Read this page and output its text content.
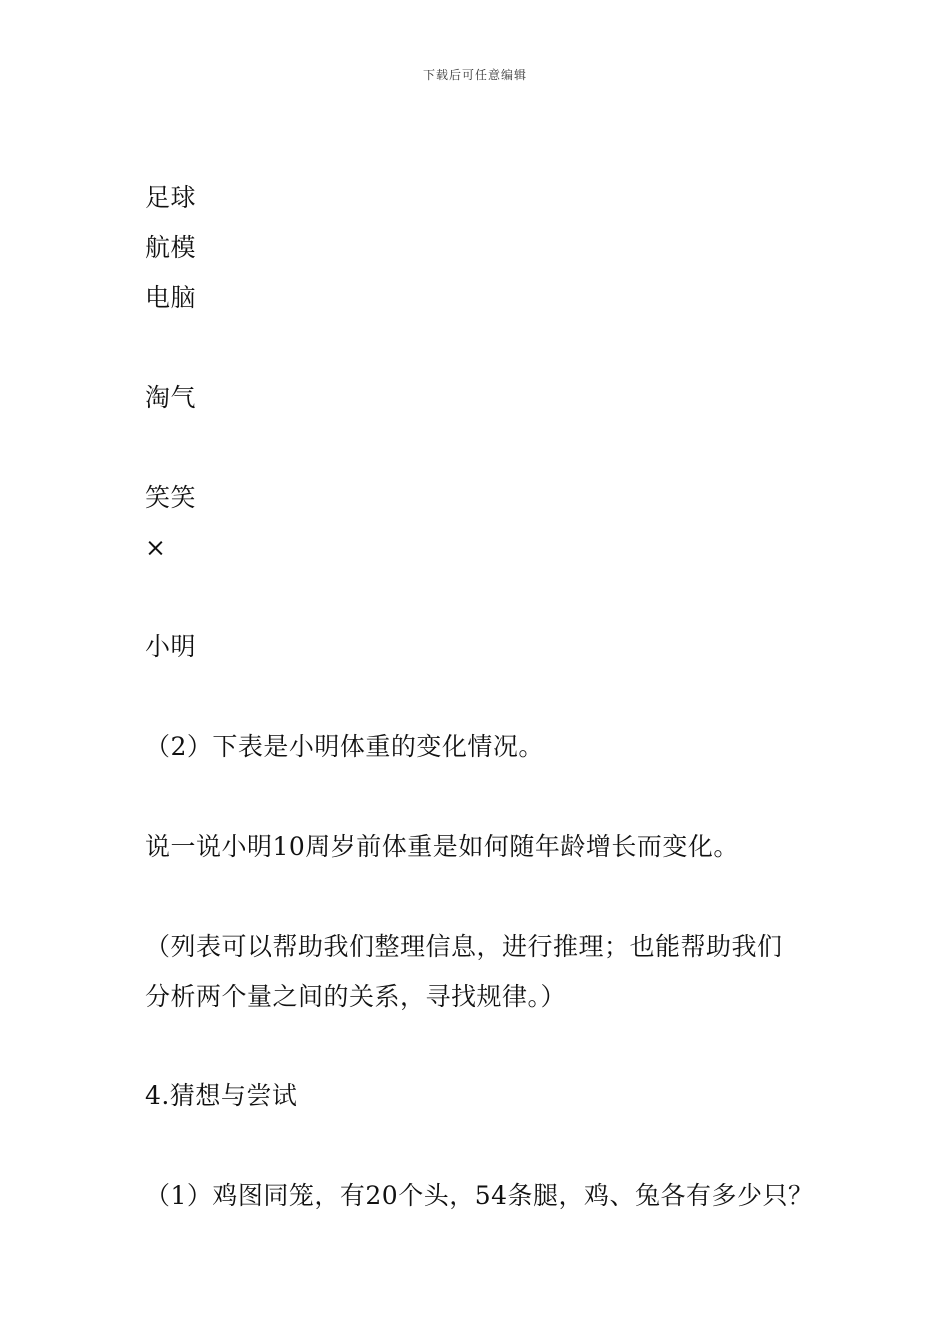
下载后可任意编辑
足球
航模
电脑
淘气
笑笑
×
小明
（2）下表是小明体重的变化情况。
说一说小明10周岁前体重是如何随年龄增长而变化。
（列表可以帮助我们整理信息，进行推理；也能帮助我们
分析两个量之间的关系，寻找规律。）
4.猜想与尝试
（1）鸡图同笼，有20个头，54条腿，鸡、兔各有多少只？
